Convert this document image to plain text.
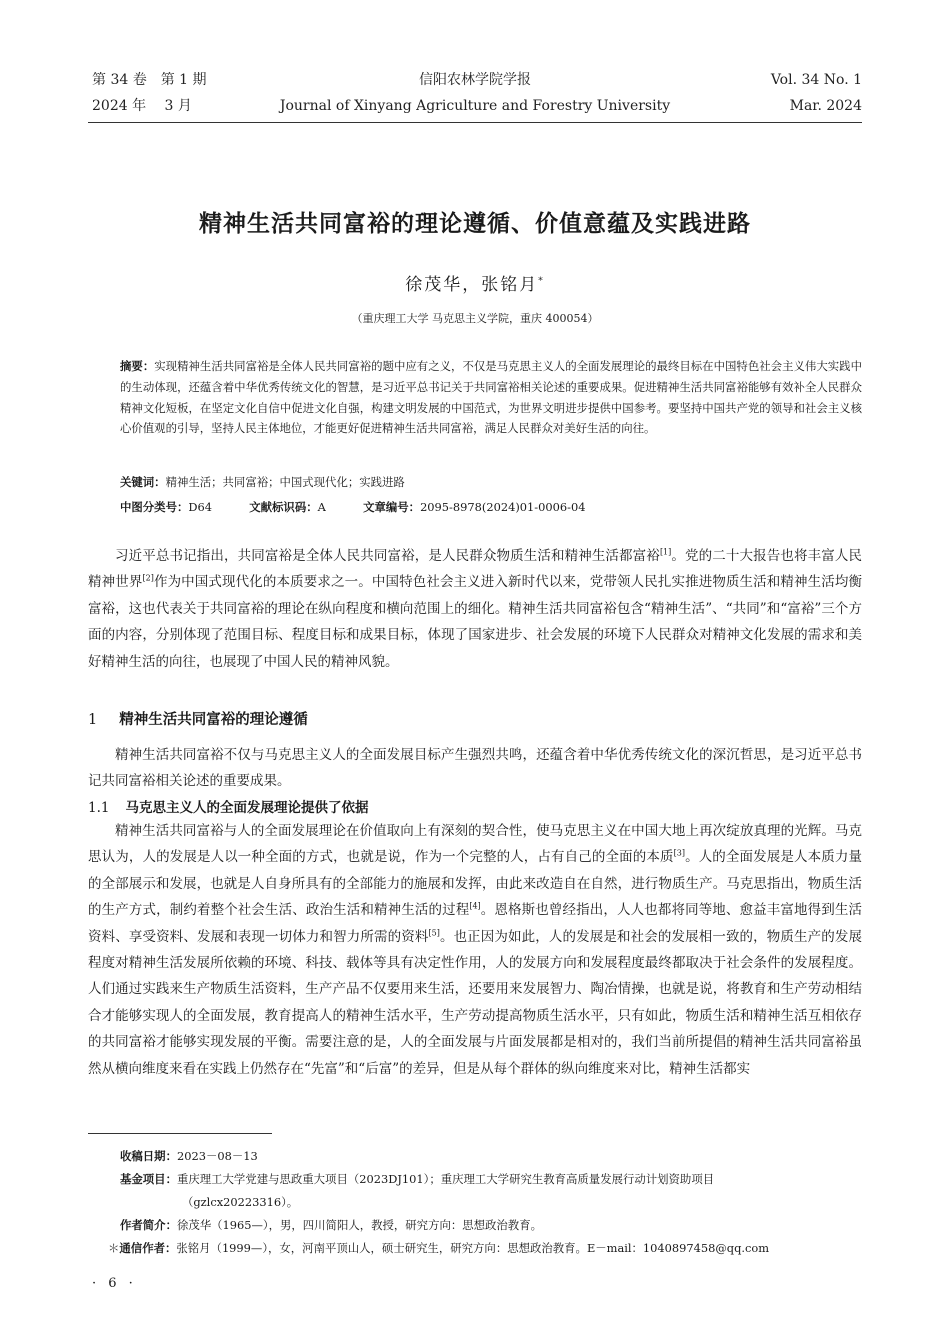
第 34 卷　第 1 期	信阳农林学院学报	Vol. 34 No. 1
2024 年　 3 月	Journal of Xinyang Agriculture and Forestry University	Mar. 2024
精神生活共同富裕的理论遵循、价值意蕴及实践进路
徐茂华，张铭月*
（重庆理工大学 马克思主义学院，重庆 400054）
摘要：实现精神生活共同富裕是全体人民共同富裕的题中应有之义，不仅是马克思主义人的全面发展理论的最终目标在中国特色社会主义伟大实践中的生动体现，还蕴含着中华优秀传统文化的智慧，是习近平总书记关于共同富裕相关论述的重要成果。促进精神生活共同富裕能够有效补全人民群众精神文化短板，在坚定文化自信中促进文化自强，构建文明发展的中国范式，为世界文明进步提供中国参考。要坚持中国共产党的领导和社会主义核心价值观的引导，坚持人民主体地位，才能更好促进精神生活共同富裕，满足人民群众对美好生活的向往。
关键词：精神生活；共同富裕；中国式现代化；实践进路
中图分类号：D64	文献标识码：A	文章编号：2095-8978(2024)01-0006-04
习近平总书记指出，共同富裕是全体人民共同富裕，是人民群众物质生活和精神生活都富裕[1]。党的二十大报告也将丰富人民精神世界[2]作为中国式现代化的本质要求之一。中国特色社会主义进入新时代以来，党带领人民扎实推进物质生活和精神生活均衡富裕，这也代表关于共同富裕的理论在纵向程度和横向范围上的细化。精神生活共同富裕包含“精神生活”、“共同”和“富裕”三个方面的内容，分别体现了范围目标、程度目标和成果目标，体现了国家进步、社会发展的环境下人民群众对精神文化发展的需求和美好精神生活的向往，也展现了中国人民的精神风貌。
1 精神生活共同富裕的理论遵循
精神生活共同富裕不仅与马克思主义人的全面发展目标产生强烈共鸣，还蕴含着中华优秀传统文化的深沉哲思，是习近平总书记共同富裕相关论述的重要成果。
1.1 马克思主义人的全面发展理论提供了依据
精神生活共同富裕与人的全面发展理论在价值取向上有深刻的契合性，使马克思主义在中国大地上再次绽放真理的光辉。马克思认为，人的发展是人以一种全面的方式，也就是说，作为一个完整的人，占有自己的全面的本质[3]。人的全面发展是人本质力量的全部展示和发展，也就是人自身所具有的全部能力的施展和发挥，由此来改造自在自然，进行物质生产。马克思指出，物质生活的生产方式，制约着整个社会生活、政治生活和精神生活的过程[4]。恩格斯也曾经指出，人人也都将同等地、愈益丰富地得到生活资料、享受资料、发展和表现一切体力和智力所需的资料[5]。也正因为如此，人的发展是和社会的发展相一致的，物质生产的发展程度对精神生活发展所依赖的环境、科技、载体等具有决定性作用，人的发展方向和发展程度最终都取决于社会条件的发展程度。人们通过实践来生产物质生活资料，生产产品不仅要用来生活，还要用来发展智力、陶冶情操，也就是说，将教育和生产劳动相结合才能够实现人的全面发展，教育提高人的精神生活水平，生产劳动提高物质生活水平，只有如此，物质生活和精神生活互相依存的共同富裕才能够实现发展的平衡。需要注意的是，人的全面发展与片面发展都是相对的，我们当前所提倡的精神生活共同富裕虽然从横向维度来看在实践上仍然存在“先富”和“后富”的差异，但是从每个群体的纵向维度来对比，精神生活都实
收稿日期：2023－08－13
基金项目：重庆理工大学党建与思政重大项目（2023DJ101）；重庆理工大学研究生教育高质量发展行动计划资助项目
（gzlcx20223316）。
作者简介：徐茂华（1965—），男，四川简阳人，教授，研究方向：思想政治教育。
＊通信作者：张铭月（1999—），女，河南平顶山人，硕士研究生，研究方向：思想政治教育。E－mail：1040897458@qq.com
· 6 ·
